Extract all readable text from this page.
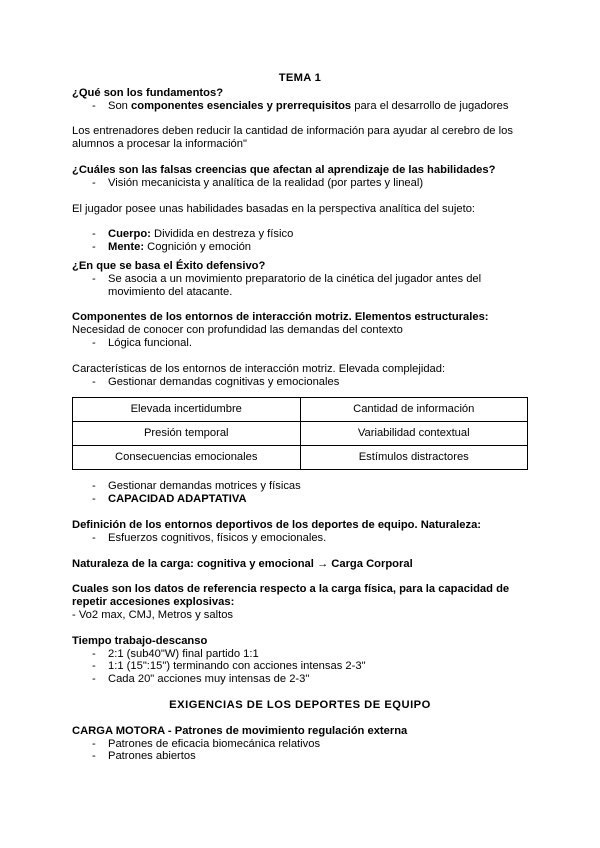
TEMA 1
¿Qué son los fundamentos?
- Son componentes esenciales y prerrequisitos para el desarrollo de jugadores

Los entrenadores deben reducir la cantidad de información para ayudar al cerebro de los alumnos a procesar la información"

¿Cuáles son las falsas creencias que afectan al aprendizaje de las habilidades?
- Visión mecanicista y analítica de la realidad (por partes y lineal)

El jugador posee unas habilidades basadas en la perspectiva analítica del sujeto:

- Cuerpo: Dividida en destreza y físico
- Mente: Cognición y emoción
¿En que se basa el Éxito defensivo?
- Se asocia a un movimiento preparatorio de la cinética del jugador antes del movimiento del atacante.
Componentes de los entornos de interacción motriz. Elementos estructurales:

Necesidad de conocer con profundidad las demandas del contexto

- Lógica funcional.

Características de los entornos de interacción motriz. Elevada complejidad:

- Gestionar demandas cognitivas y emocionales
Elevada incertidumbre	Cantidad de información
Presión temporal	Variabilidad contextual
Consecuencias emocionales	Estímulos distractores
- Gestionar demandas motrices y físicas
- CAPACIDAD ADAPTATIVA
Definición de los entornos deportivos de los deportes de equipo. Naturaleza:
- Esfuerzos cognitivos, físicos y emocionales.
Naturaleza de la carga: cognitiva y emocional → Carga Corporal
Cuales son los datos de referencia respecto a la carga física, para la capacidad de repetir accesiones explosivas:

- Vo2 max, CMJ, Metros y saltos

Tiempo trabajo-descanso
- 2:1 (sub40"W) final partido 1:1
- 1:1 (15":15") terminando con acciones intensas 2-3"
- Cada 20" acciones muy intensas de 2-3"
EXIGENCIAS DE LOS DEPORTES DE EQUIPO
CARGA MOTORA - Patrones de movimiento regulación externa
- Patrones de eficacia biomecánica relativos
- Patrones abiertos
